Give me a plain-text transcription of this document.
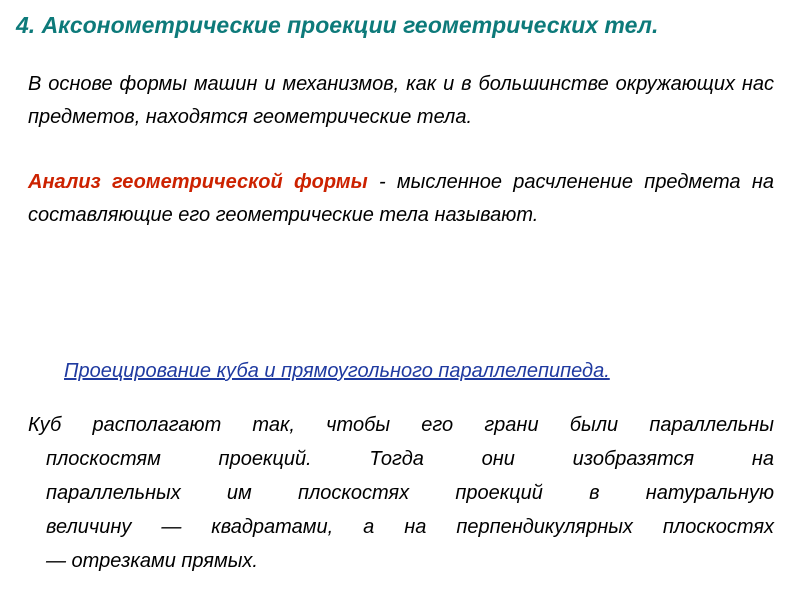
4. Аксонометрические проекции геометрических тел.

В основе формы машин и механизмов, как и в большинстве окружающих нас предметов, находятся геометрические тела.

Анализ геометрической формы - мысленное расчленение предмета на составляющие его геометрические тела называют.

Проецирование куба и прямоугольного параллелепипеда.

Куб располагают так, чтобы его грани были параллельны
плоскостям проекций. Тогда они изобразятся на
параллельных им плоскостях проекций в натуральную
величину — квадратами, а на перпендикулярных плоскостях
— отрезками прямых.
